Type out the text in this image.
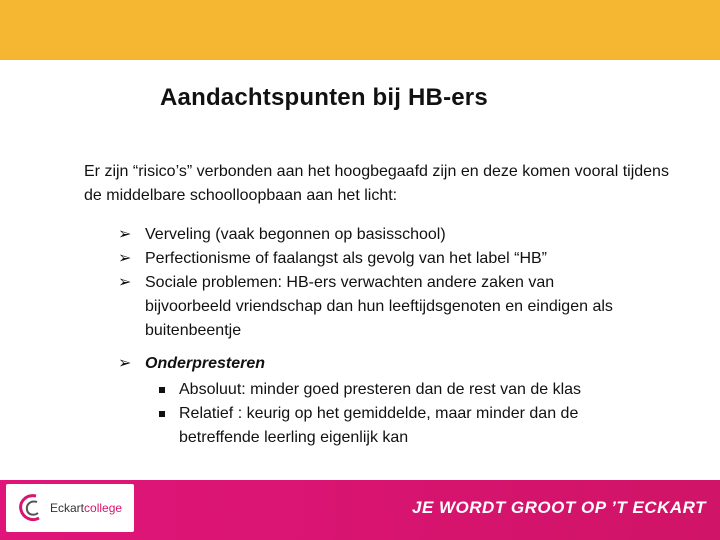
Aandachtspunten bij HB-ers

Er zijn “risico’s” verbonden aan het hoogbegaafd zijn en deze komen vooral tijdens de middelbare schoolloopbaan aan het licht:

➢ Verveling (vaak begonnen op basisschool)
➢ Perfectionisme of faalangst als gevolg van het label “HB”
➢ Sociale problemen: HB-ers verwachten andere zaken van bijvoorbeeld vriendschap dan hun leeftijdsgenoten en eindigen als buitenbeentje
➢ Onderpresteren
Absoluut: minder goed presteren dan de rest van de klas
Relatief : keurig op het gemiddelde, maar minder dan de betreffende leerling eigenlijk kan
Eckartcollege	JE WORDT GROOT OP ’T ECKART
